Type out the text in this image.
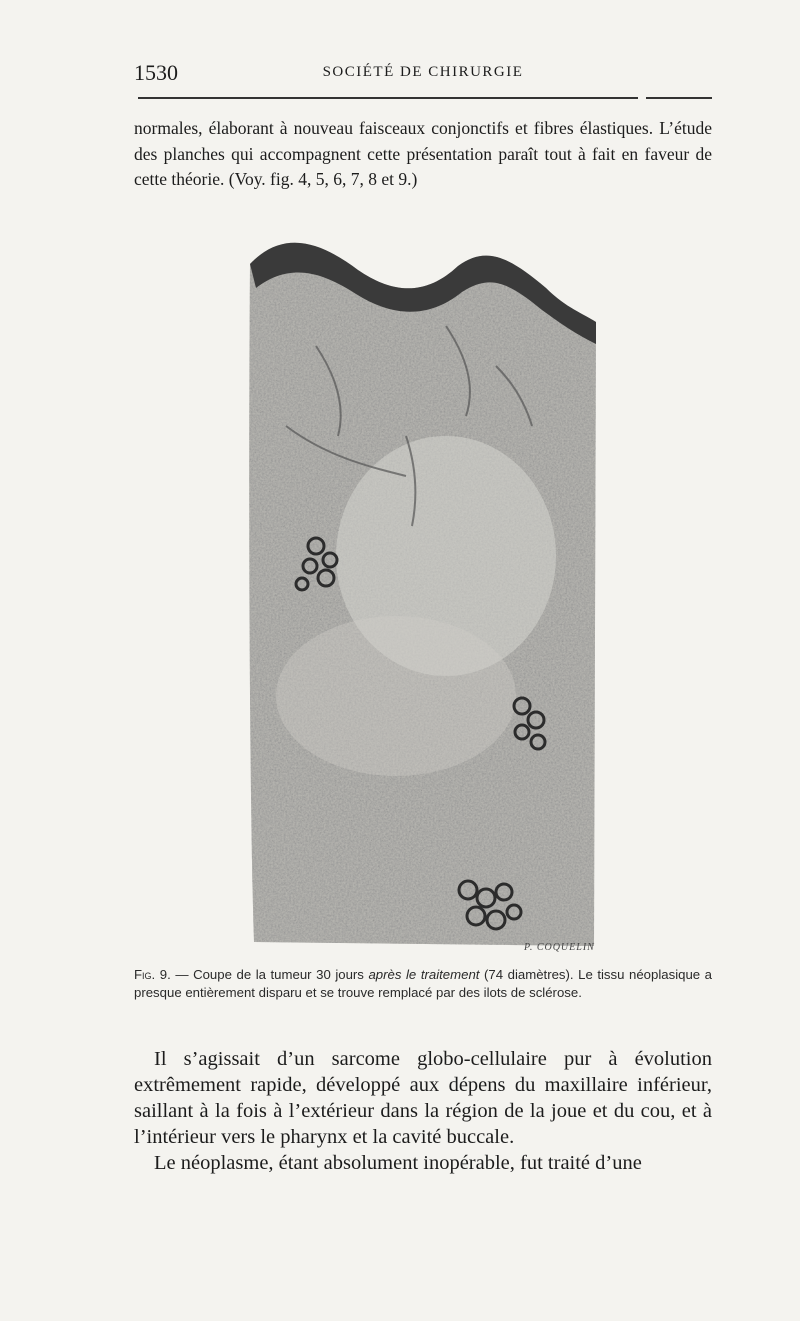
1530	SOCIÉTÉ DE CHIRURGIE
normales, élaborant à nouveau faisceaux conjonctifs et fibres élastiques. L’étude des planches qui accompagnent cette présentation paraît tout à fait en faveur de cette théorie. (Voy. fig. 4, 5, 6, 7, 8 et 9.)
P. COQUELIN
Fig. 9. — Coupe de la tumeur 30 jours après le traitement (74 diamètres). Le tissu néoplasique a presque entièrement disparu et se trouve remplacé par des ilots de sclérose.

Il s’agissait d’un sarcome globo-cellulaire pur à évolution extrêmement rapide, développé aux dépens du maxillaire inférieur, saillant à la fois à l’extérieur dans la région de la joue et du cou, et à l’intérieur vers le pharynx et la cavité buccale.

Le néoplasme, étant absolument inopérable, fut traité d’une
